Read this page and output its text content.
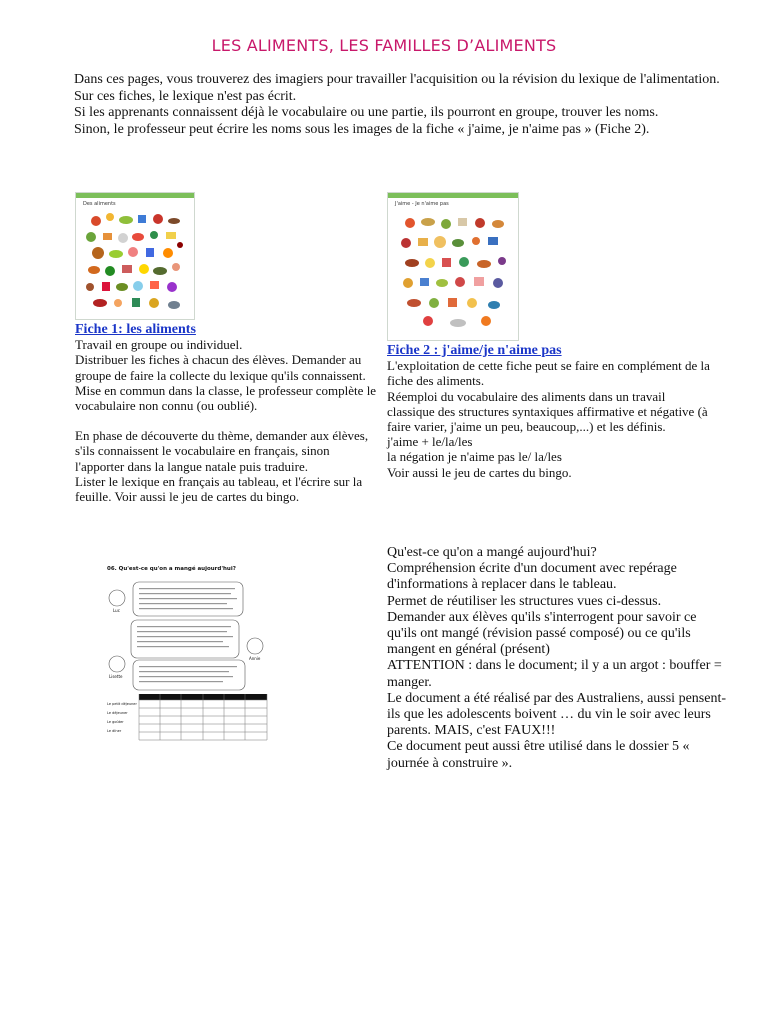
LES ALIMENTS, LES FAMILLES D’ALIMENTS

Dans ces pages, vous trouverez des imagiers pour travailler l'acquisition ou la révision du lexique de l'alimentation. Sur ces fiches, le lexique n'est pas écrit.

Si les apprenants connaissent déjà le vocabulaire ou une partie, ils pourront en groupe, trouver les noms.

Sinon, le professeur peut écrire les noms sous les images de la fiche « j'aime, je n'aime pas » (Fiche 2).

Des aliments
Fiche 1: les aliments

Travail en groupe ou individuel.

Distribuer les fiches à chacun des élèves. Demander au groupe de faire la collecte du lexique qu'ils connaissent.

Mise en commun dans la classe, le professeur complète le vocabulaire non connu (ou oublié).

En phase de découverte du thème, demander aux élèves, s'ils connaissent le vocabulaire en français, sinon l'apporter dans la langue natale puis traduire.

Lister le lexique en français au tableau, et l'écrire sur la feuille. Voir aussi le jeu de cartes du bingo.

J'aime - Je n'aime pas
Fiche 2 : j'aime/je n'aime pas

L'exploitation de cette fiche peut se faire en complément de la fiche des aliments.

Réemploi du vocabulaire des aliments dans un travail classique des structures syntaxiques affirmative et négative (à faire varier, j'aime un peu, beaucoup,...) et les définis.

j'aime + le/la/les

la négation je n'aime pas le/ la/les

Voir aussi le jeu de cartes du bingo.

06. Qu'est-ce qu'on a mangé aujourd'hui?
Luc
Annie
Lisette
Le petit déjeuner
Le déjeuner
Le goûter
Le dîner

Qu'est-ce qu'on a mangé aujourd'hui?

Compréhension écrite d'un document avec repérage d'informations à replacer dans le tableau.

Permet de réutiliser les structures vues ci-dessus.

Demander aux élèves qu'ils s'interrogent pour savoir ce qu'ils ont mangé (révision passé composé) ou ce qu'ils mangent en général (présent)

ATTENTION : dans le document; il y a un argot : bouffer = manger.

Le document a été réalisé par des Australiens, aussi pensent-ils que les adolescents boivent … du vin le soir avec leurs parents. MAIS, c'est FAUX!!!

Ce document peut aussi être utilisé dans le dossier 5 « journée à construire ».
